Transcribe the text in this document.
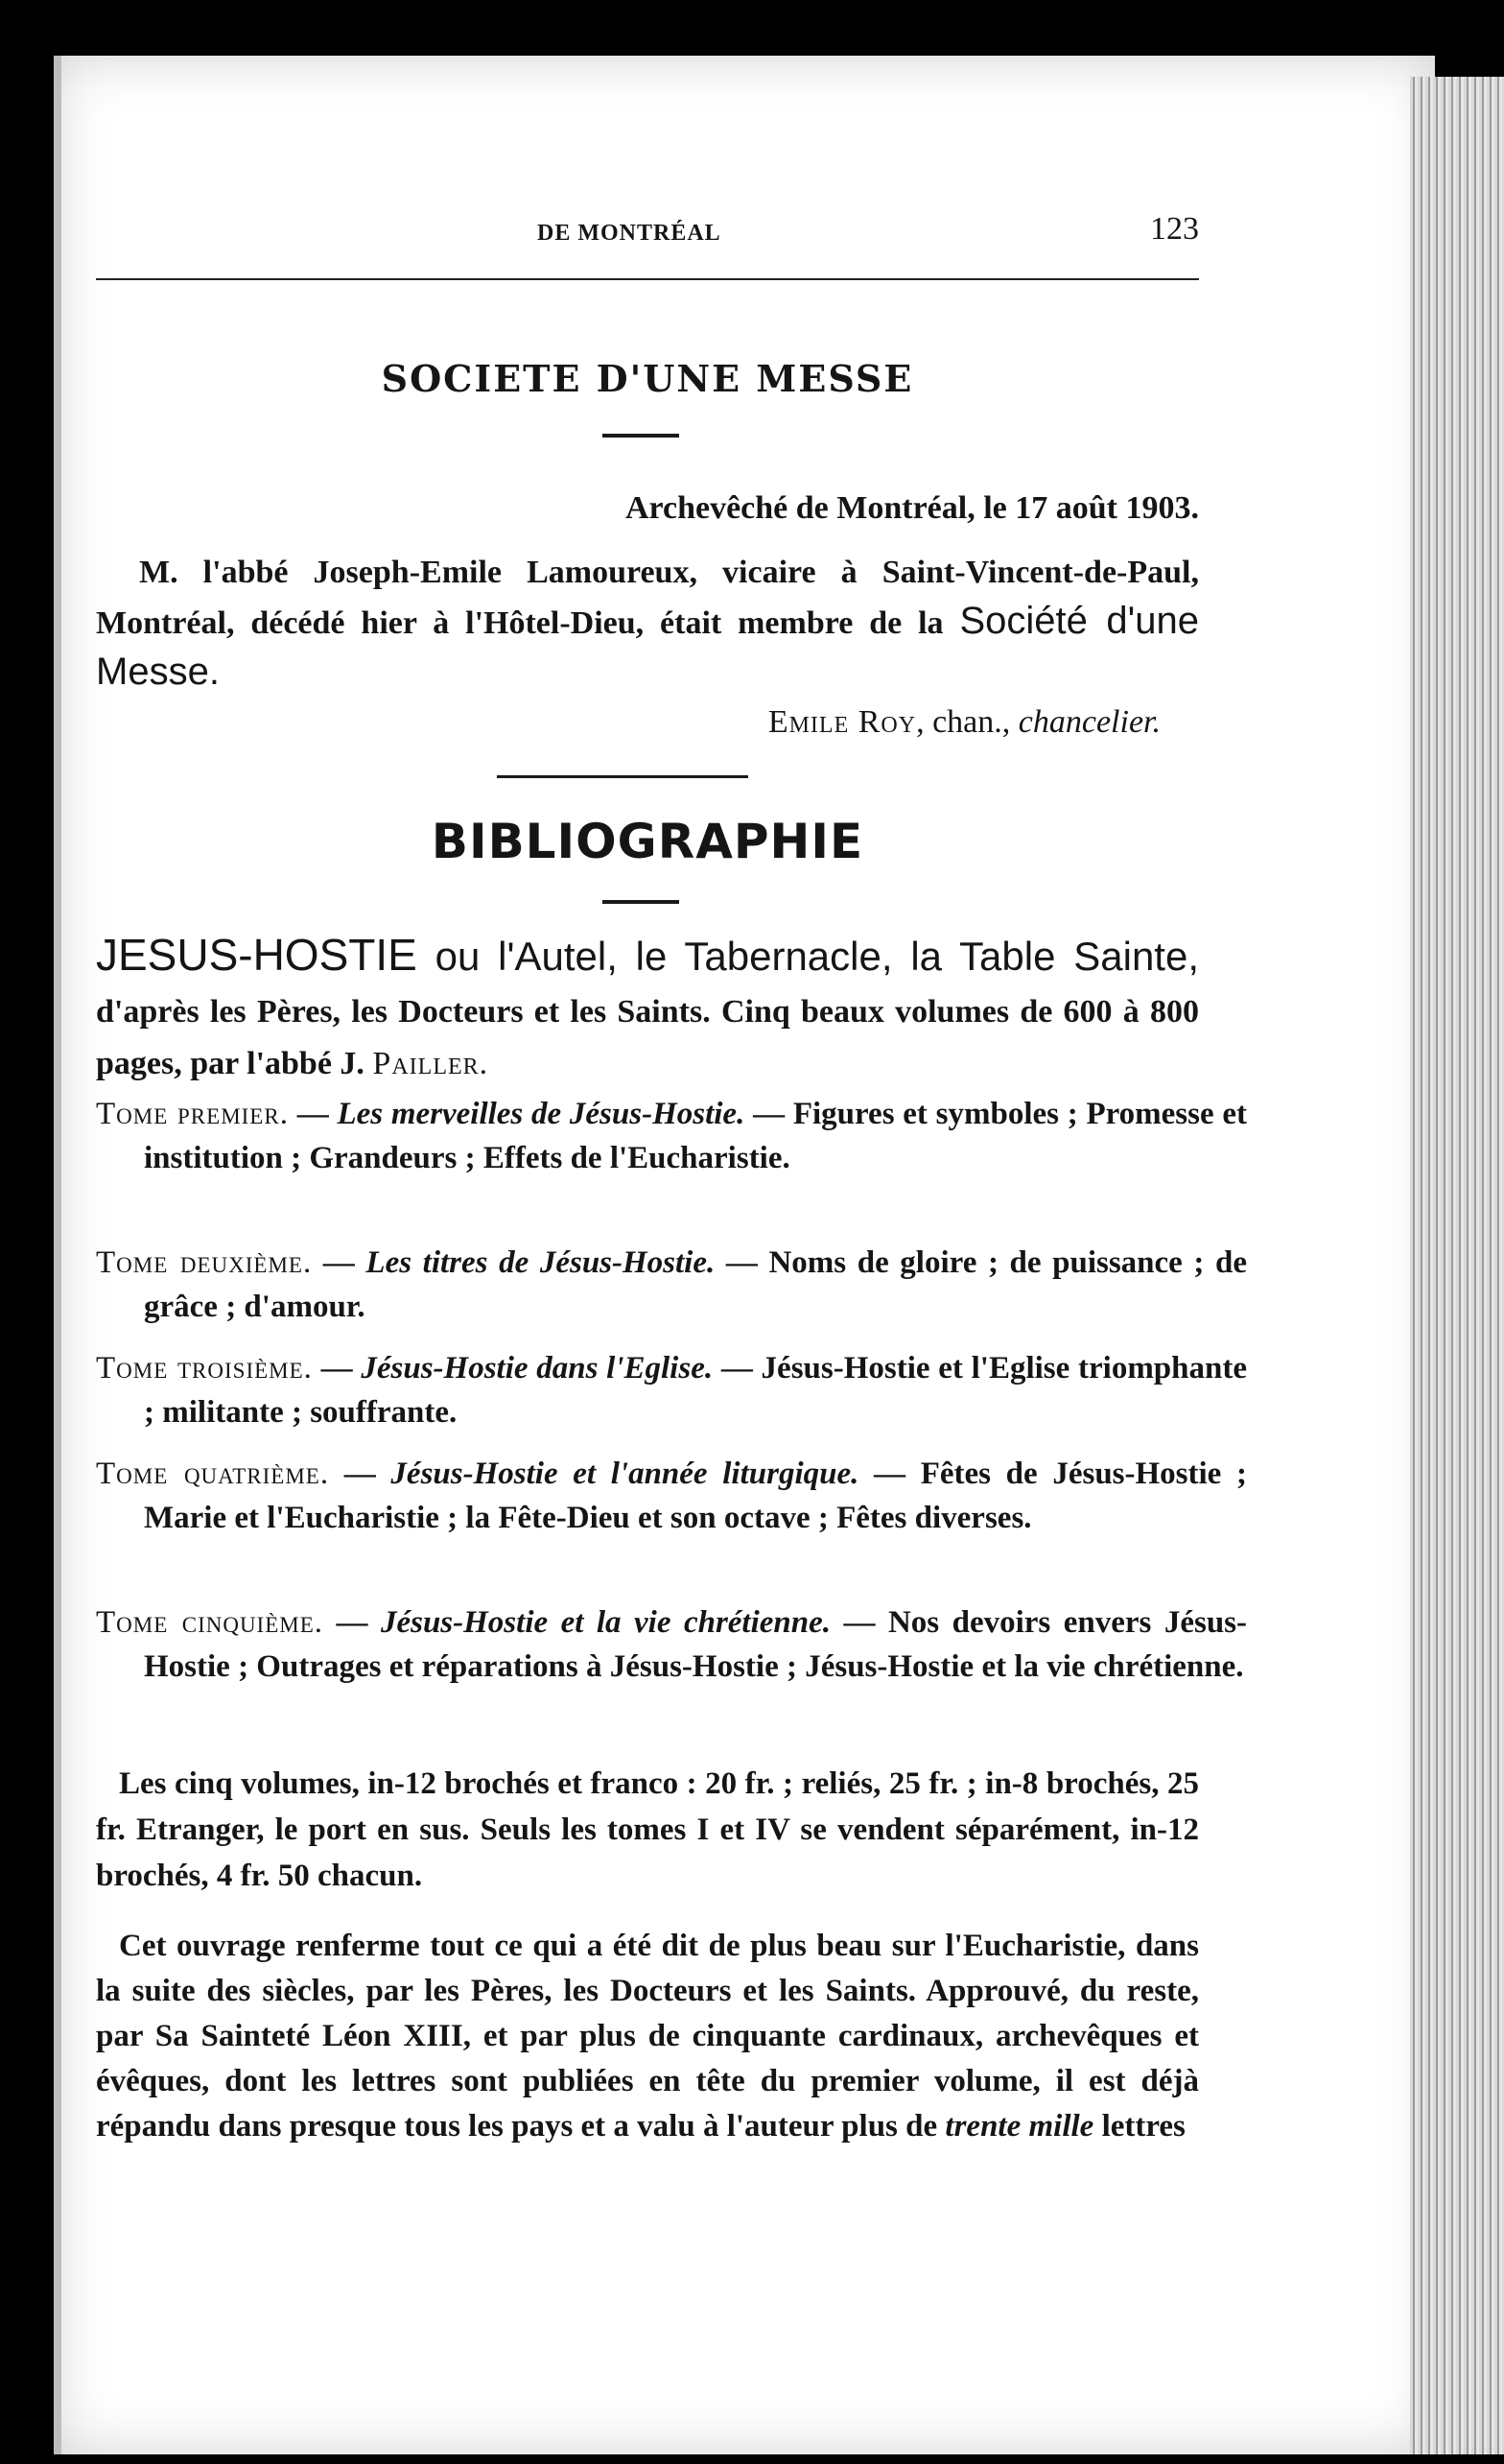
DE MONTRÉAL	123
SOCIETE D'UNE MESSE
Archevêché de Montréal, le 17 août 1903.
M. l'abbé Joseph-Emile Lamoureux, vicaire à Saint-Vincent-de-Paul, Montréal, décédé hier à l'Hôtel-Dieu, était membre de la Société d'une Messe.
Emile Roy, chan., chancelier.
BIBLIOGRAPHIE
JESUS-HOSTIE ou l'Autel, le Tabernacle, la Table Sainte, d'après les Pères, les Docteurs et les Saints. Cinq beaux volumes de 600 à 800 pages, par l'abbé J. Pailler.
Tome premier. — Les merveilles de Jésus-Hostie. — Figures et symboles ; Promesse et institution ; Grandeurs ; Effets de l'Eucharistie.
Tome deuxième. — Les titres de Jésus-Hostie. — Noms de gloire ; de puissance ; de grâce ; d'amour.
Tome troisième. — Jésus-Hostie dans l'Eglise. — Jésus-Hostie et l'Eglise triomphante ; militante ; souffrante.
Tome quatrième. — Jésus-Hostie et l'année liturgique. — Fêtes de Jésus-Hostie ; Marie et l'Eucharistie ; la Fête-Dieu et son octave ; Fêtes diverses.
Tome cinquième. — Jésus-Hostie et la vie chrétienne. — Nos devoirs envers Jésus-Hostie ; Outrages et réparations à Jésus-Hostie ; Jésus-Hostie et la vie chrétienne.
Les cinq volumes, in-12 brochés et franco : 20 fr. ; reliés, 25 fr. ; in-8 brochés, 25 fr. Etranger, le port en sus. Seuls les tomes I et IV se vendent séparément, in-12 brochés, 4 fr. 50 chacun.
Cet ouvrage renferme tout ce qui a été dit de plus beau sur l'Eucharistie, dans la suite des siècles, par les Pères, les Docteurs et les Saints. Approuvé, du reste, par Sa Sainteté Léon XIII, et par plus de cinquante cardinaux, archevêques et évêques, dont les lettres sont publiées en tête du premier volume, il est déjà répandu dans presque tous les pays et a valu à l'auteur plus de trente mille lettres
